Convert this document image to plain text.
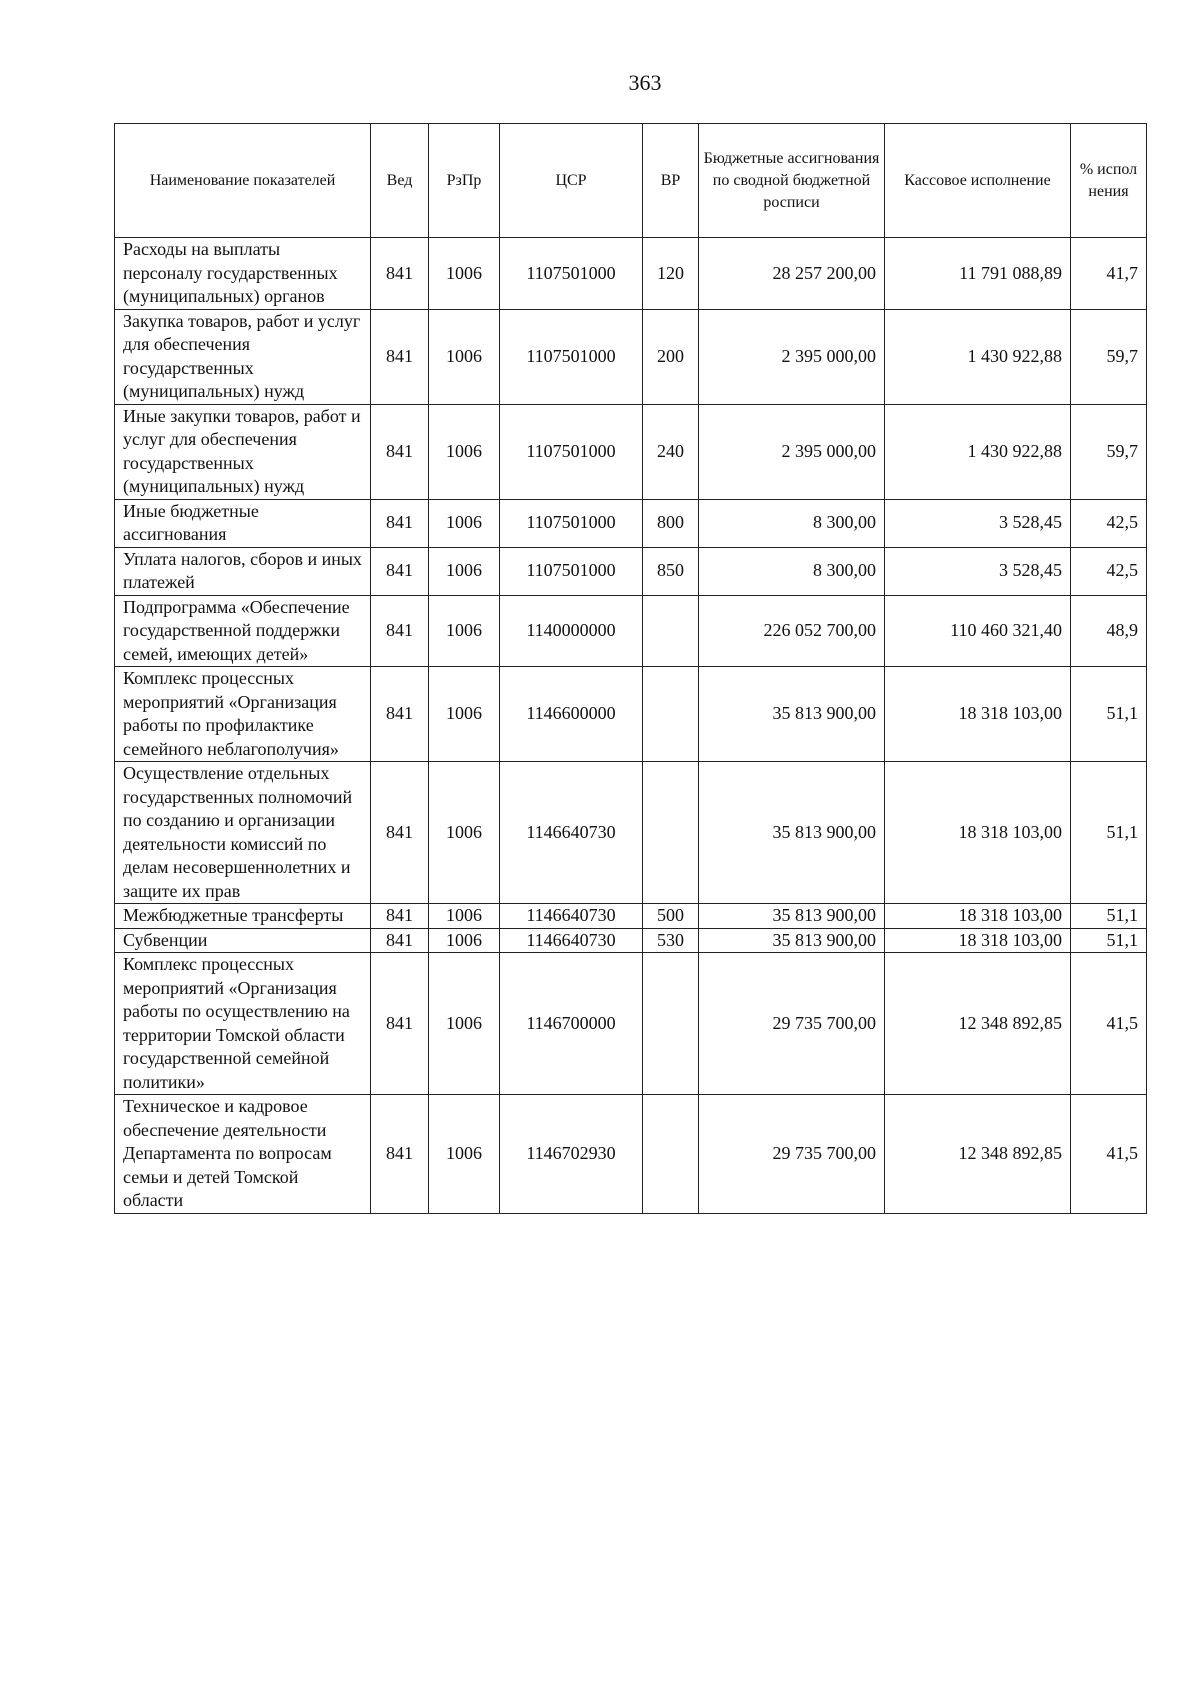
363
Наименование показателей	Вед	РзПр	ЦСР	ВР	Бюджетные ассигнования по сводной бюджетной росписи	Кассовое исполнение	% испол нения
Расходы на выплаты персоналу государственных (муниципальных) органов	841	1006	1107501000	120	28 257 200,00	11 791 088,89	41,7
Закупка товаров, работ и услуг для обеспечения государственных (муниципальных) нужд	841	1006	1107501000	200	2 395 000,00	1 430 922,88	59,7
Иные закупки товаров, работ и услуг для обеспечения государственных (муниципальных) нужд	841	1006	1107501000	240	2 395 000,00	1 430 922,88	59,7
Иные бюджетные ассигнования	841	1006	1107501000	800	8 300,00	3 528,45	42,5
Уплата налогов, сборов и иных платежей	841	1006	1107501000	850	8 300,00	3 528,45	42,5
Подпрограмма «Обеспечение государственной поддержки семей, имеющих детей»	841	1006	1140000000		226 052 700,00	110 460 321,40	48,9
Комплекс процессных мероприятий «Организация работы по профилактике семейного неблагополучия»	841	1006	1146600000		35 813 900,00	18 318 103,00	51,1
Осуществление отдельных государственных полномочий по созданию и организации деятельности комиссий по делам несовершеннолетних и защите их прав	841	1006	1146640730		35 813 900,00	18 318 103,00	51,1
Межбюджетные трансферты	841	1006	1146640730	500	35 813 900,00	18 318 103,00	51,1
Субвенции	841	1006	1146640730	530	35 813 900,00	18 318 103,00	51,1
Комплекс процессных мероприятий «Организация работы по осуществлению на территории Томской области государственной семейной политики»	841	1006	1146700000		29 735 700,00	12 348 892,85	41,5
Техническое и кадровое обеспечение деятельности Департамента по вопросам семьи и детей Томской области	841	1006	1146702930		29 735 700,00	12 348 892,85	41,5
